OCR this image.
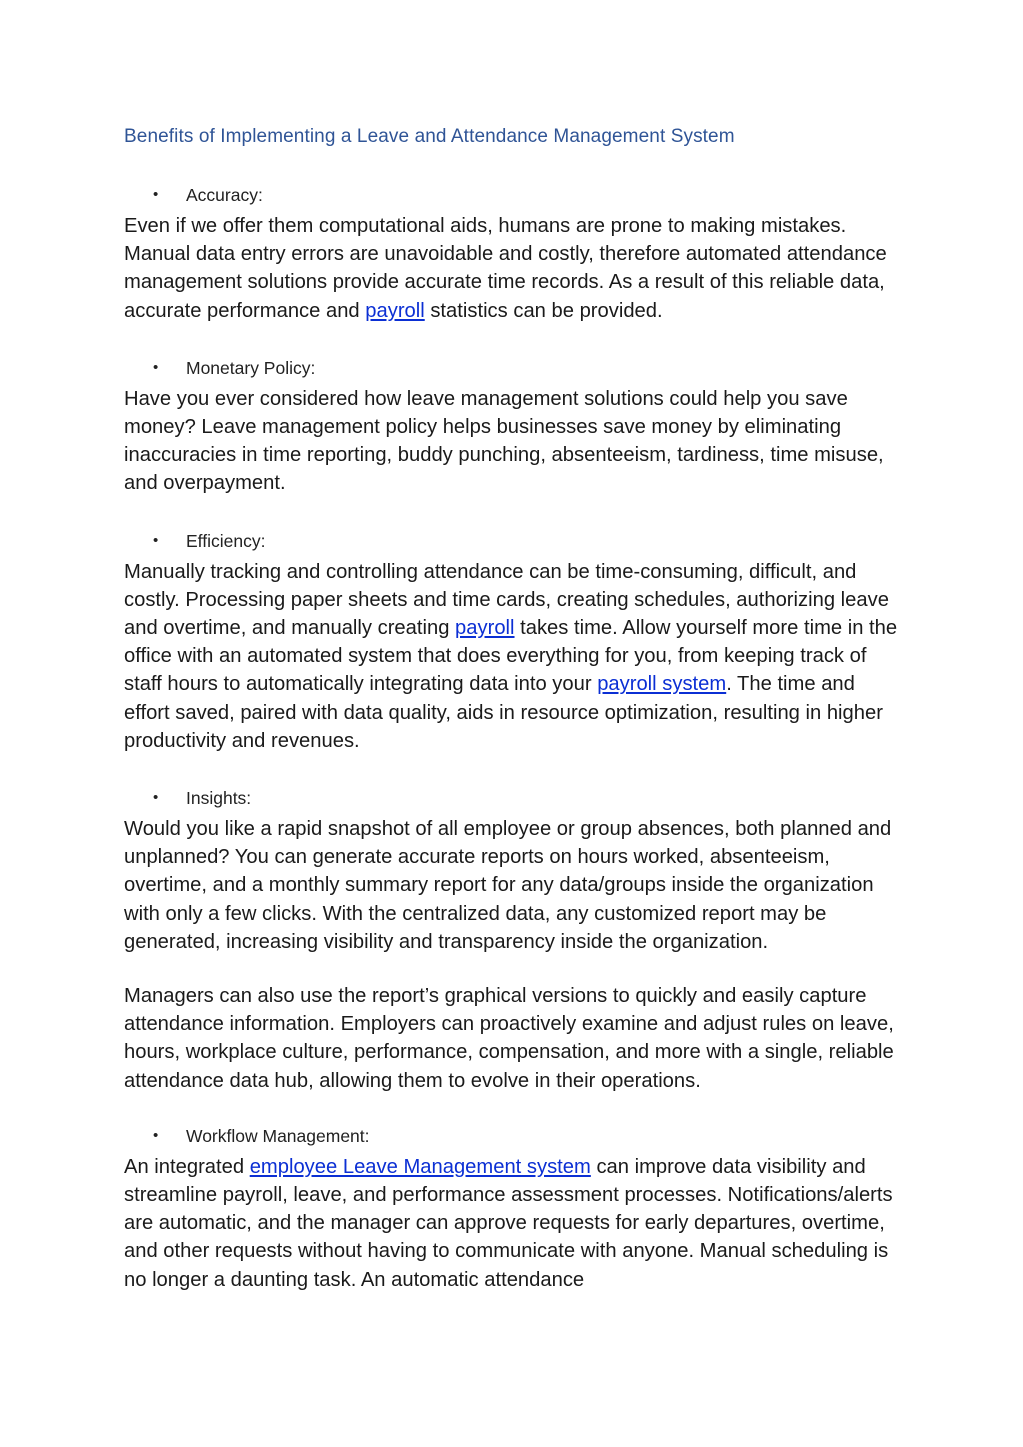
Benefits of Implementing a Leave and Attendance Management System
• Accuracy:

Even if we offer them computational aids, humans are prone to making mistakes. Manual data entry errors are unavoidable and costly, therefore automated attendance management solutions provide accurate time records. As a result of this reliable data, accurate performance and payroll statistics can be provided.

• Monetary Policy:

Have you ever considered how leave management solutions could help you save money? Leave management policy helps businesses save money by eliminating inaccuracies in time reporting, buddy punching, absenteeism, tardiness, time misuse, and overpayment.

• Efficiency:

Manually tracking and controlling attendance can be time-consuming, difficult, and costly. Processing paper sheets and time cards, creating schedules, authorizing leave and overtime, and manually creating payroll takes time. Allow yourself more time in the office with an automated system that does everything for you, from keeping track of staff hours to automatically integrating data into your payroll system. The time and effort saved, paired with data quality, aids in resource optimization, resulting in higher productivity and revenues.

• Insights:

Would you like a rapid snapshot of all employee or group absences, both planned and unplanned? You can generate accurate reports on hours worked, absenteeism, overtime, and a monthly summary report for any data/groups inside the organization with only a few clicks. With the centralized data, any customized report may be generated, increasing visibility and transparency inside the organization.

Managers can also use the report’s graphical versions to quickly and easily capture attendance information. Employers can proactively examine and adjust rules on leave, hours, workplace culture, performance, compensation, and more with a single, reliable attendance data hub, allowing them to evolve in their operations.

• Workflow Management:

An integrated employee Leave Management system can improve data visibility and streamline payroll, leave, and performance assessment processes. Notifications/alerts are automatic, and the manager can approve requests for early departures, overtime, and other requests without having to communicate with anyone. Manual scheduling is no longer a daunting task. An automatic attendance
